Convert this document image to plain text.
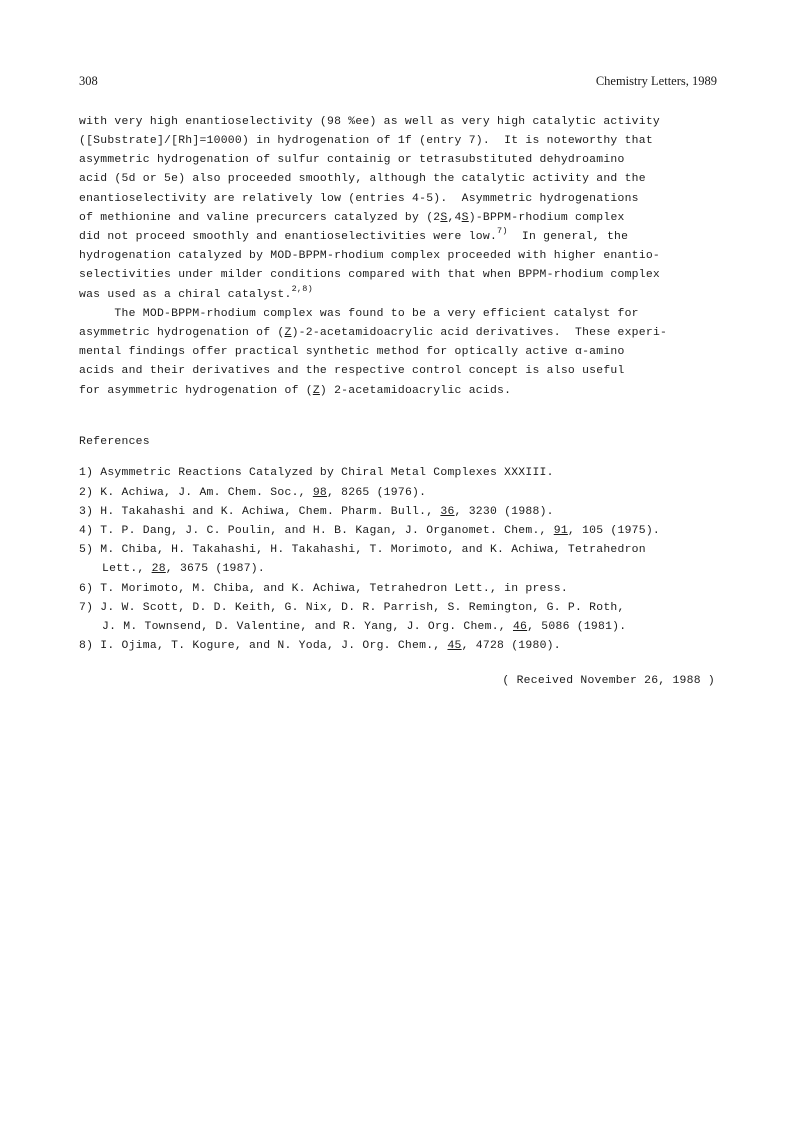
308	Chemistry Letters, 1989
with very high enantioselectivity (98 %ee) as well as very high catalytic activity
([Substrate]/[Rh]=10000) in hydrogenation of 1f (entry 7).  It is noteworthy that
asymmetric hydrogenation of sulfur containig or tetrasubstituted dehydroamino
acid (5d or 5e) also proceeded smoothly, although the catalytic activity and the
enantioselectivity are relatively low (entries 4-5).  Asymmetric hydrogenations
of methionine and valine precurcers catalyzed by (2S,4S)-BPPM-rhodium complex
did not proceed smoothly and enantioselectivities were low.$^{7)}$  In general, the
hydrogenation catalyzed by MOD-BPPM-rhodium complex proceeded with higher enantio-
selectivities under milder conditions compared with that when BPPM-rhodium complex
was used as a chiral catalyst.$^{2,8)}$
The MOD-BPPM-rhodium complex was found to be a very efficient catalyst for
asymmetric hydrogenation of (Z)-2-acetamidoacrylic acid derivatives.  These experi-
mental findings offer practical synthetic method for optically active α-amino
acids and their derivatives and the respective control concept is also useful
for asymmetric hydrogenation of (Z) 2-acetamidoacrylic acids.
References
1) Asymmetric Reactions Catalyzed by Chiral Metal Complexes XXXIII.
2) K. Achiwa, J. Am. Chem. Soc., 98, 8265 (1976).
3) H. Takahashi and K. Achiwa, Chem. Pharm. Bull., 36, 3230 (1988).
4) T. P. Dang, J. C. Poulin, and H. B. Kagan, J. Organomet. Chem., 91, 105 (1975).
5) M. Chiba, H. Takahashi, H. Takahashi, T. Morimoto, and K. Achiwa, Tetrahedron
Lett., 28, 3675 (1987).
6) T. Morimoto, M. Chiba, and K. Achiwa, Tetrahedron Lett., in press.
7) J. W. Scott, D. D. Keith, G. Nix, D. R. Parrish, S. Remington, G. P. Roth,
J. M. Townsend, D. Valentine, and R. Yang, J. Org. Chem., 46, 5086 (1981).
8) I. Ojima, T. Kogure, and N. Yoda, J. Org. Chem., 45, 4728 (1980).
( Received November 26, 1988 )
